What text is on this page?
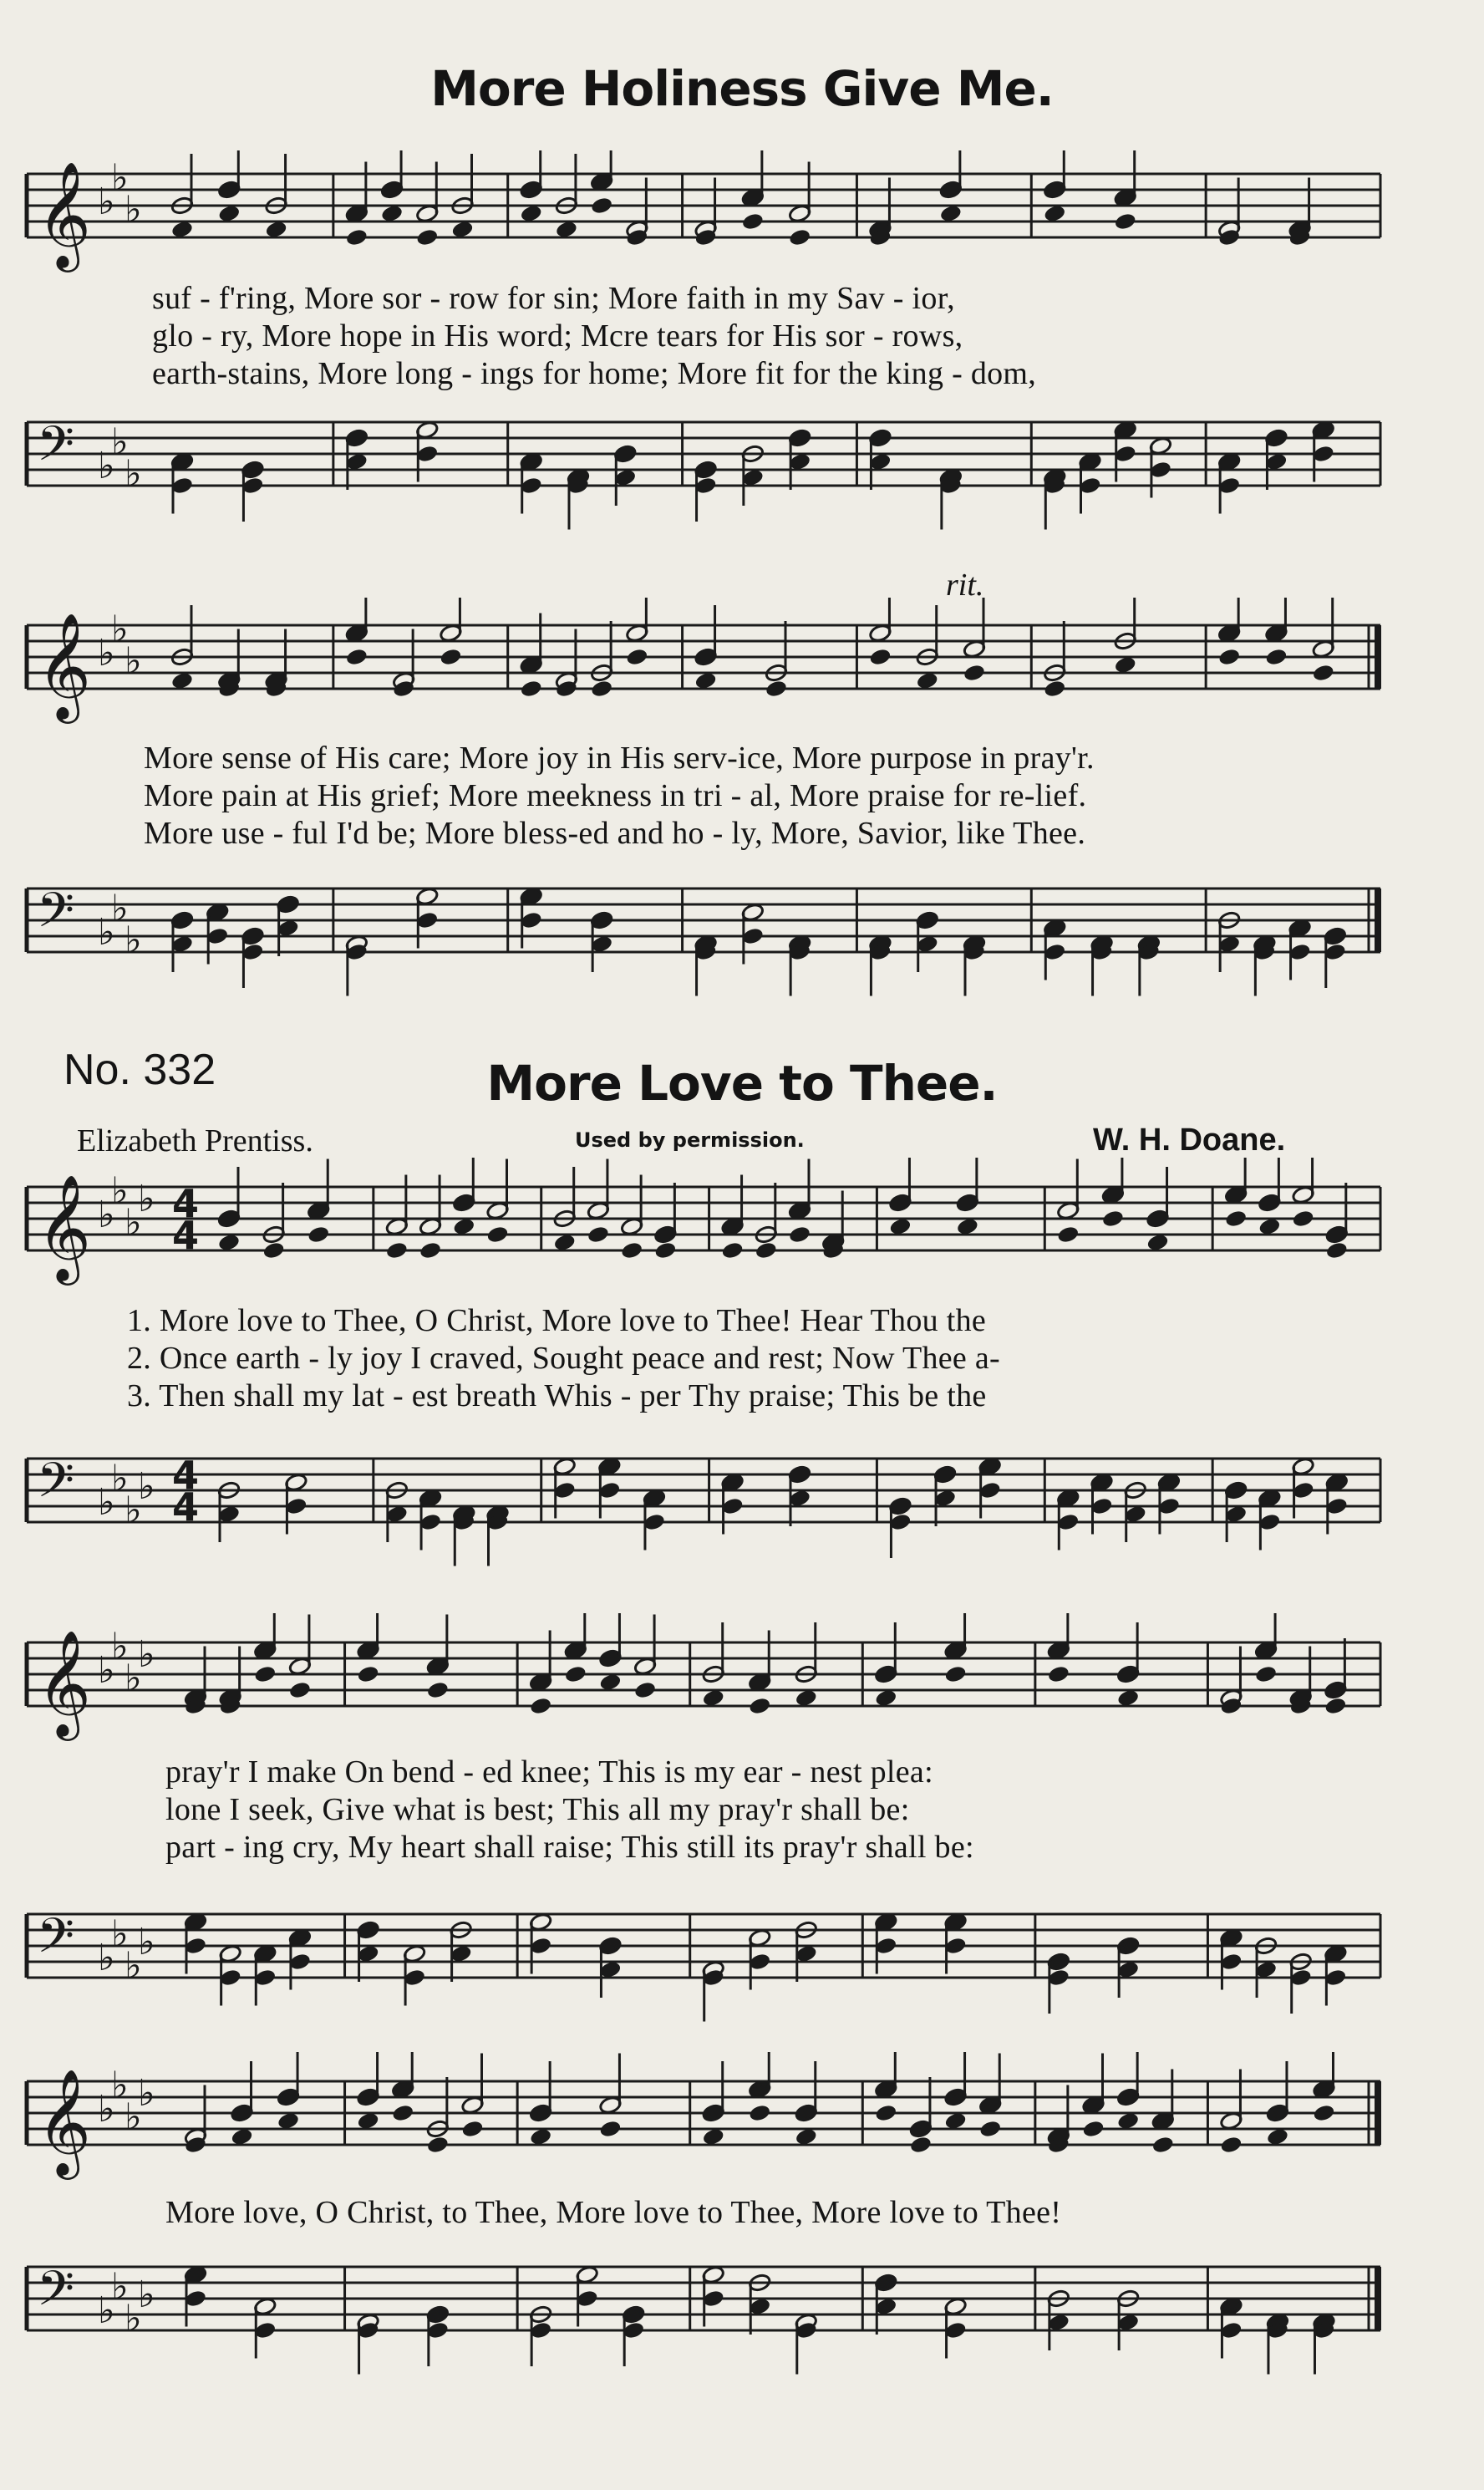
More Holiness Give Me.
𝄞 ♭
♭
♭
suf - f'ring, More sor - row for sin; More faith in my Sav - ior,
glo - ry, More hope in His word; Mcre tears for His sor - rows,
earth-stains, More long - ings for home; More fit for the king - dom,
𝄢 ♭
♭
♭
rit.
𝄞 ♭
♭
♭
More sense of His care; More joy in His serv-ice, More purpose in pray'r.
More pain at His grief; More meekness in tri - al, More praise for re-lief.
More use - ful I'd be; More bless-ed and ho - ly, More, Savior, like Thee.
𝄢 ♭
♭
♭
No. 332	More Love to Thee.
Elizabeth Prentiss.	Used by permission.	W. H. Doane.
𝄞 ♭
♭
♭
♭ 4
4
1. More love to Thee, O Christ, More love to Thee! Hear Thou the
2. Once earth - ly joy I craved, Sought peace and rest; Now Thee a-
3. Then shall my lat - est breath Whis - per Thy praise; This be the
𝄢 ♭
♭
♭
♭ 4
4
𝄞 ♭
♭
♭
♭
pray'r I make On bend - ed knee; This is my ear - nest plea:
lone I seek, Give what is best; This all my pray'r shall be:
part - ing cry, My heart shall raise; This still its pray'r shall be:
𝄢 ♭
♭
♭
♭
𝄞 ♭
♭
♭
♭
More love, O Christ, to Thee, More love to Thee, More love to Thee!
𝄢 ♭
♭
♭
♭
